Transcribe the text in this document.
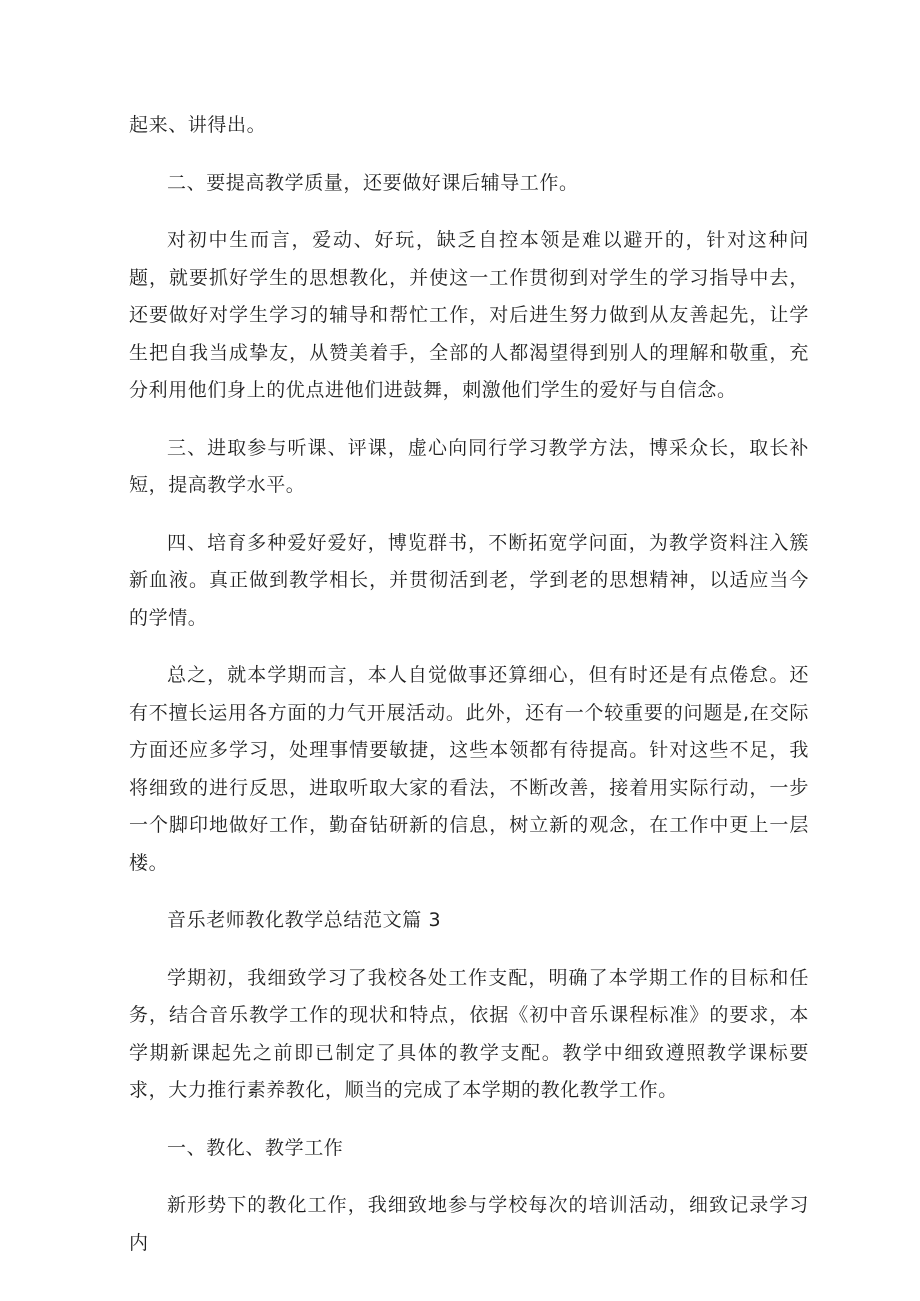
起来、讲得出。

二、要提高教学质量，还要做好课后辅导工作。

对初中生而言，爱动、好玩，缺乏自控本领是难以避开的，针对这种问题，就要抓好学生的思想教化，并使这一工作贯彻到对学生的学习指导中去，还要做好对学生学习的辅导和帮忙工作，对后进生努力做到从友善起先，让学生把自我当成挚友，从赞美着手，全部的人都渴望得到别人的理解和敬重，充分利用他们身上的优点进他们进鼓舞，刺激他们学生的爱好与自信念。

三、进取参与听课、评课，虚心向同行学习教学方法，博采众长，取长补短，提高教学水平。

四、培育多种爱好爱好，博览群书，不断拓宽学问面，为教学资料注入簇新血液。真正做到教学相长，并贯彻活到老，学到老的思想精神，以适应当今的学情。

总之，就本学期而言，本人自觉做事还算细心，但有时还是有点倦怠。还有不擅长运用各方面的力气开展活动。此外，还有一个较重要的问题是,在交际方面还应多学习，处理事情要敏捷，这些本领都有待提高。针对这些不足，我将细致的进行反思，进取听取大家的看法，不断改善，接着用实际行动，一步一个脚印地做好工作，勤奋钻研新的信息，树立新的观念，在工作中更上一层楼。

音乐老师教化教学总结范文篇 3

学期初，我细致学习了我校各处工作支配，明确了本学期工作的目标和任务，结合音乐教学工作的现状和特点，依据《初中音乐课程标准》的要求，本学期新课起先之前即已制定了具体的教学支配。教学中细致遵照教学课标要求，大力推行素养教化，顺当的完成了本学期的教化教学工作。

一、教化、教学工作

新形势下的教化工作，我细致地参与学校每次的培训活动，细致记录学习内
